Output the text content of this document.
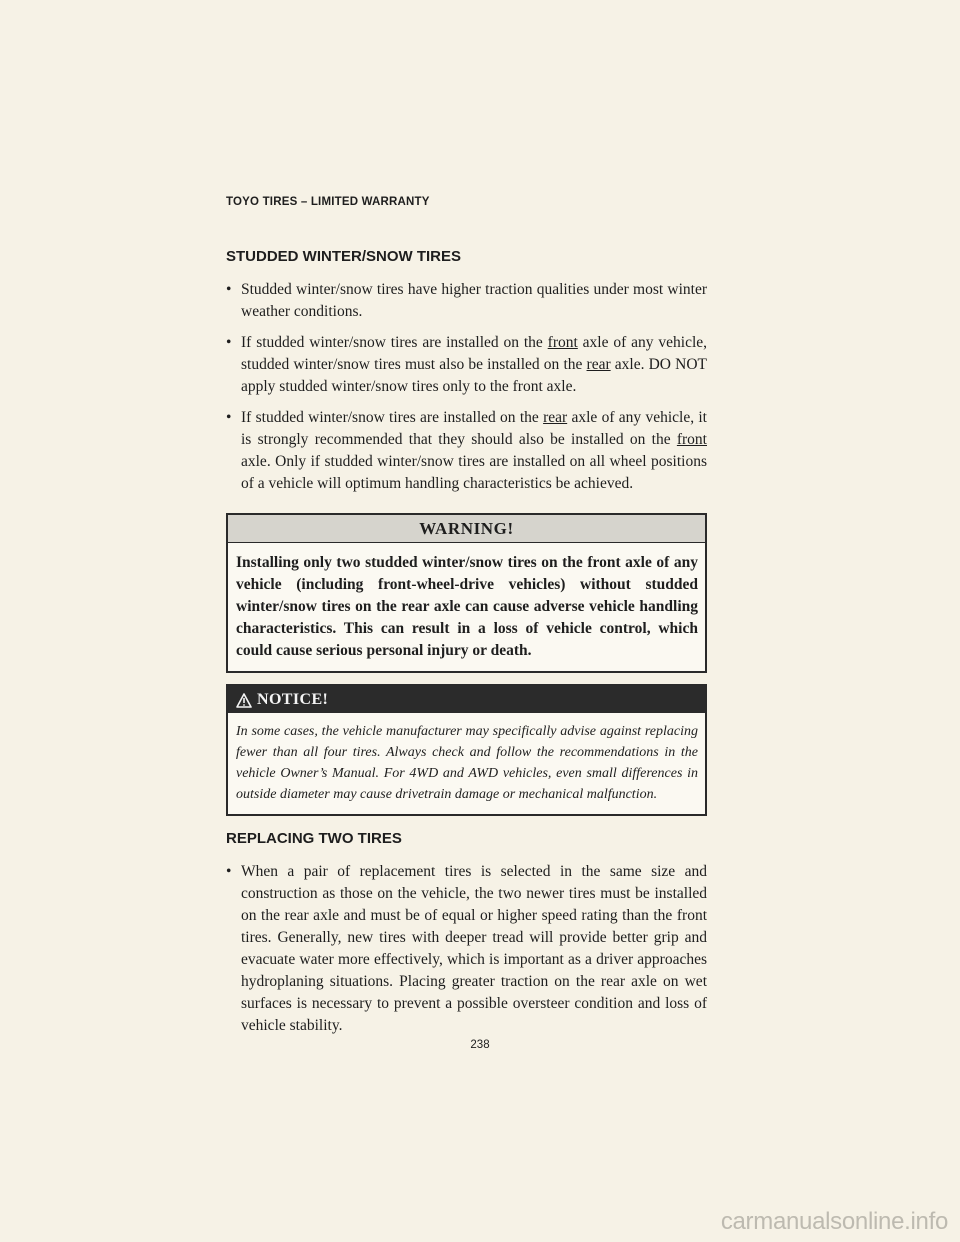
TOYO TIRES – LIMITED WARRANTY
STUDDED WINTER/SNOW TIRES
• Studded winter/snow tires have higher traction qualities under most winter weather conditions.
• If studded winter/snow tires are installed on the front axle of any vehicle, studded winter/snow tires must also be installed on the rear axle. DO NOT apply studded winter/snow tires only to the front axle.
• If studded winter/snow tires are installed on the rear axle of any vehicle, it is strongly recommended that they should also be installed on the front axle. Only if studded winter/snow tires are installed on all wheel positions of a vehicle will optimum handling characteristics be achieved.
WARNING!
Installing only two studded winter/snow tires on the front axle of any vehicle (including front-wheel-drive vehicles) without studded winter/snow tires on the rear axle can cause adverse vehicle handling characteristics. This can result in a loss of vehicle control, which could cause serious personal injury or death.
NOTICE!
In some cases, the vehicle manufacturer may specifically advise against replacing fewer than all four tires. Always check and follow the recommendations in the vehicle Owner’s Manual. For 4WD and AWD vehicles, even small differences in outside diameter may cause drivetrain damage or mechanical malfunction.
REPLACING TWO TIRES
• When a pair of replacement tires is selected in the same size and construction as those on the vehicle, the two newer tires must be installed on the rear axle and must be of equal or higher speed rating than the front tires. Generally, new tires with deeper tread will provide better grip and evacuate water more effectively, which is important as a driver approaches hydroplaning situations. Placing greater traction on the rear axle on wet surfaces is necessary to prevent a possible oversteer condition and loss of vehicle stability.
238
carmanualsonline.info
